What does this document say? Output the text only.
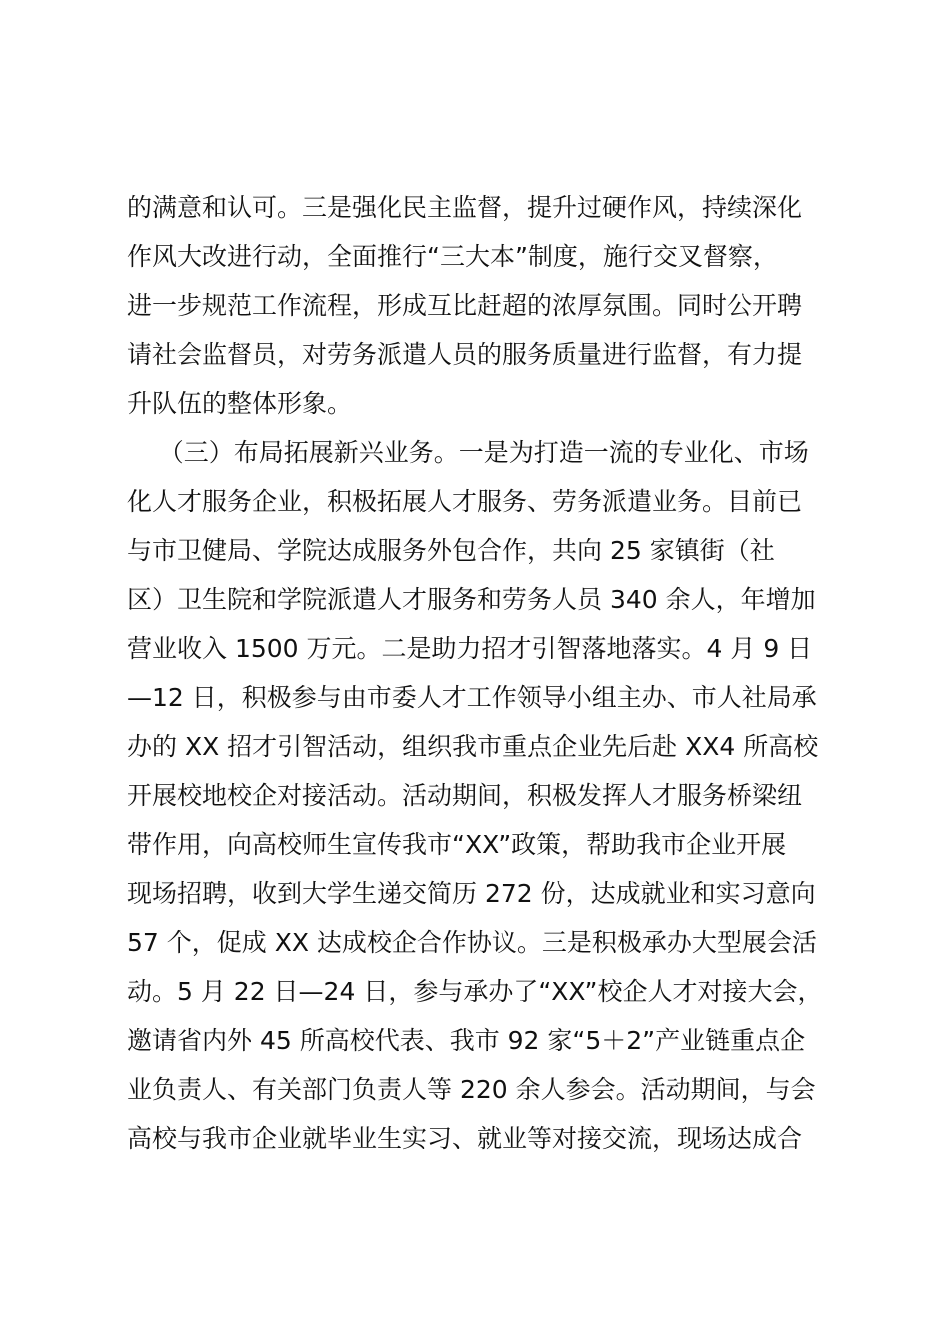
的满意和认可。三是强化民主监督，提升过硬作风，持续深化
作风大改进行动，全面推行“三大本”制度，施行交叉督察，
进一步规范工作流程，形成互比赶超的浓厚氛围。同时公开聘
请社会监督员，对劳务派遣人员的服务质量进行监督，有力提
升队伍的整体形象。
（三）布局拓展新兴业务。一是为打造一流的专业化、市场
化人才服务企业，积极拓展人才服务、劳务派遣业务。目前已
与市卫健局、学院达成服务外包合作，共向 25 家镇街（社
区）卫生院和学院派遣人才服务和劳务人员 340 余人，年增加
营业收入 1500 万元。二是助力招才引智落地落实。4 月 9 日
—12 日，积极参与由市委人才工作领导小组主办、市人社局承
办的 XX 招才引智活动，组织我市重点企业先后赴 XX4 所高校
开展校地校企对接活动。活动期间，积极发挥人才服务桥梁纽
带作用，向高校师生宣传我市“XX”政策，帮助我市企业开展
现场招聘，收到大学生递交简历 272 份，达成就业和实习意向
57 个，促成 XX 达成校企合作协议。三是积极承办大型展会活
动。5 月 22 日—24 日，参与承办了“XX”校企人才对接大会，
邀请省内外 45 所高校代表、我市 92 家“5＋2”产业链重点企
业负责人、有关部门负责人等 220 余人参会。活动期间，与会
高校与我市企业就毕业生实习、就业等对接交流，现场达成合
